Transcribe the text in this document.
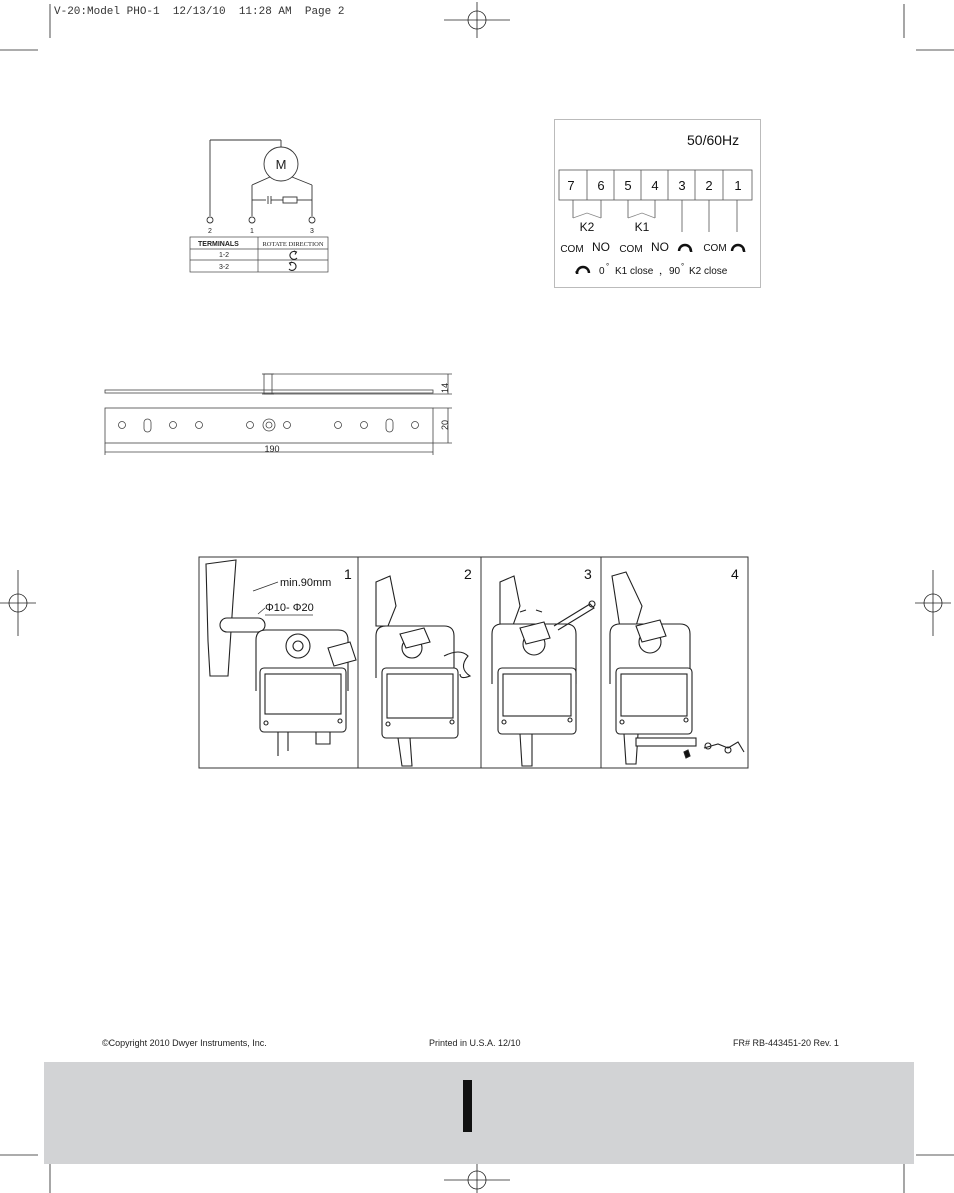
V-20:Model PHO-1  12/13/10  11:28 AM  Page 2
M
2	1	3
TERMINALS	ROTATE DIRECTION
1-2
3-2
50/60Hz
7 6 5 4 3 2 1
K2	K1
COM NO COM NO	COM
0 ° K1 close ， 90 ° K2 close
14
20
190
1	2	3	4
min.90mm
Φ10- Φ20
©Copyright 2010 Dwyer Instruments, Inc.	Printed in U.S.A. 12/10	FR# RB-443451-20 Rev. 1
